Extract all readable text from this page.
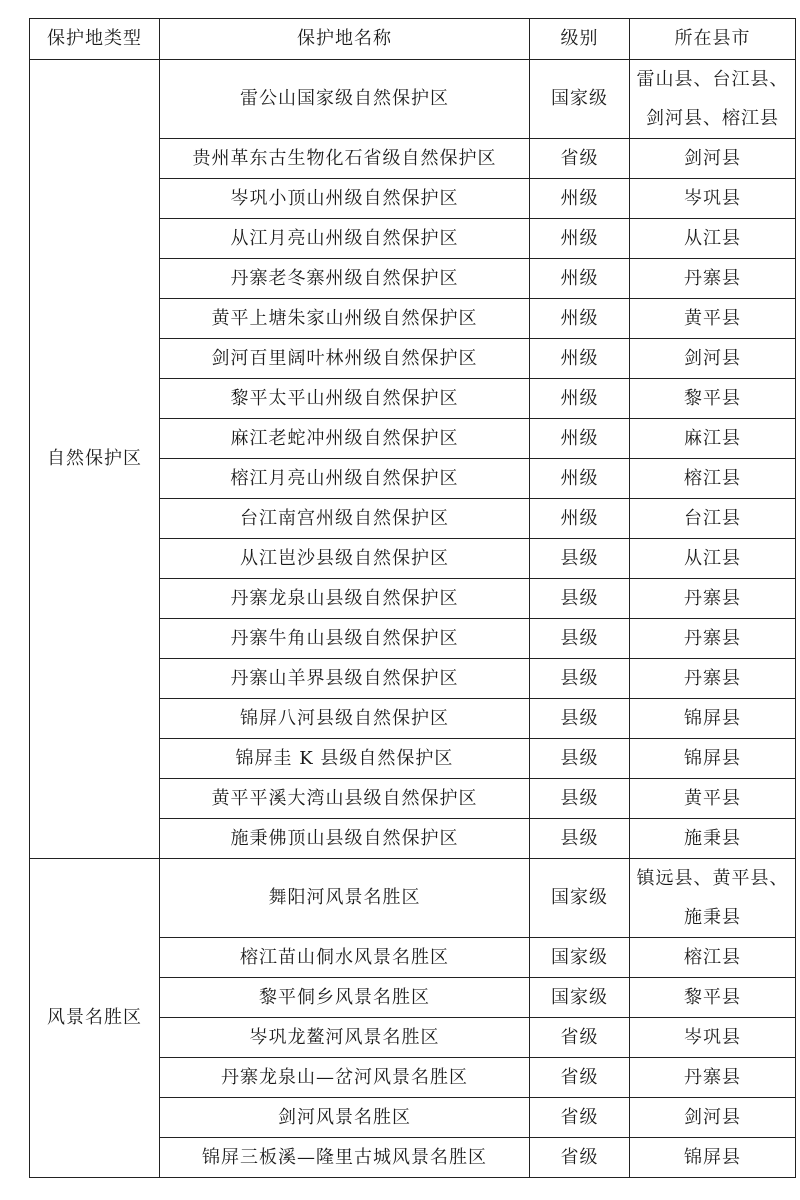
保护地类型	保护地名称	级别	所在县市
自然保护区	雷公山国家级自然保护区	国家级	雷山县、台江县、
剑河县、榕江县

	贵州革东古生物化石省级自然保护区	省级	剑河县

	岑巩小顶山州级自然保护区	州级	岑巩县

	从江月亮山州级自然保护区	州级	从江县

	丹寨老冬寨州级自然保护区	州级	丹寨县

	黄平上塘朱家山州级自然保护区	州级	黄平县

	剑河百里阔叶林州级自然保护区	州级	剑河县

	黎平太平山州级自然保护区	州级	黎平县

	麻江老蛇冲州级自然保护区	州级	麻江县

	榕江月亮山州级自然保护区	州级	榕江县

	台江南宫州级自然保护区	州级	台江县

	从江岜沙县级自然保护区	县级	从江县

	丹寨龙泉山县级自然保护区	县级	丹寨县

	丹寨牛角山县级自然保护区	县级	丹寨县

	丹寨山羊界县级自然保护区	县级	丹寨县

	锦屏八河县级自然保护区	县级	锦屏县

	锦屏圭 K 县级自然保护区	县级	锦屏县

	黄平平溪大湾山县级自然保护区	县级	黄平县

	施秉佛顶山县级自然保护区	县级	施秉县

风景名胜区	舞阳河风景名胜区	国家级	镇远县、黄平县、
施秉县

	榕江苗山侗水风景名胜区	国家级	榕江县

	黎平侗乡风景名胜区	国家级	黎平县

	岑巩龙鳌河风景名胜区	省级	岑巩县

	丹寨龙泉山—岔河风景名胜区	省级	丹寨县

	剑河风景名胜区	省级	剑河县

	锦屏三板溪—隆里古城风景名胜区	省级	锦屏县
